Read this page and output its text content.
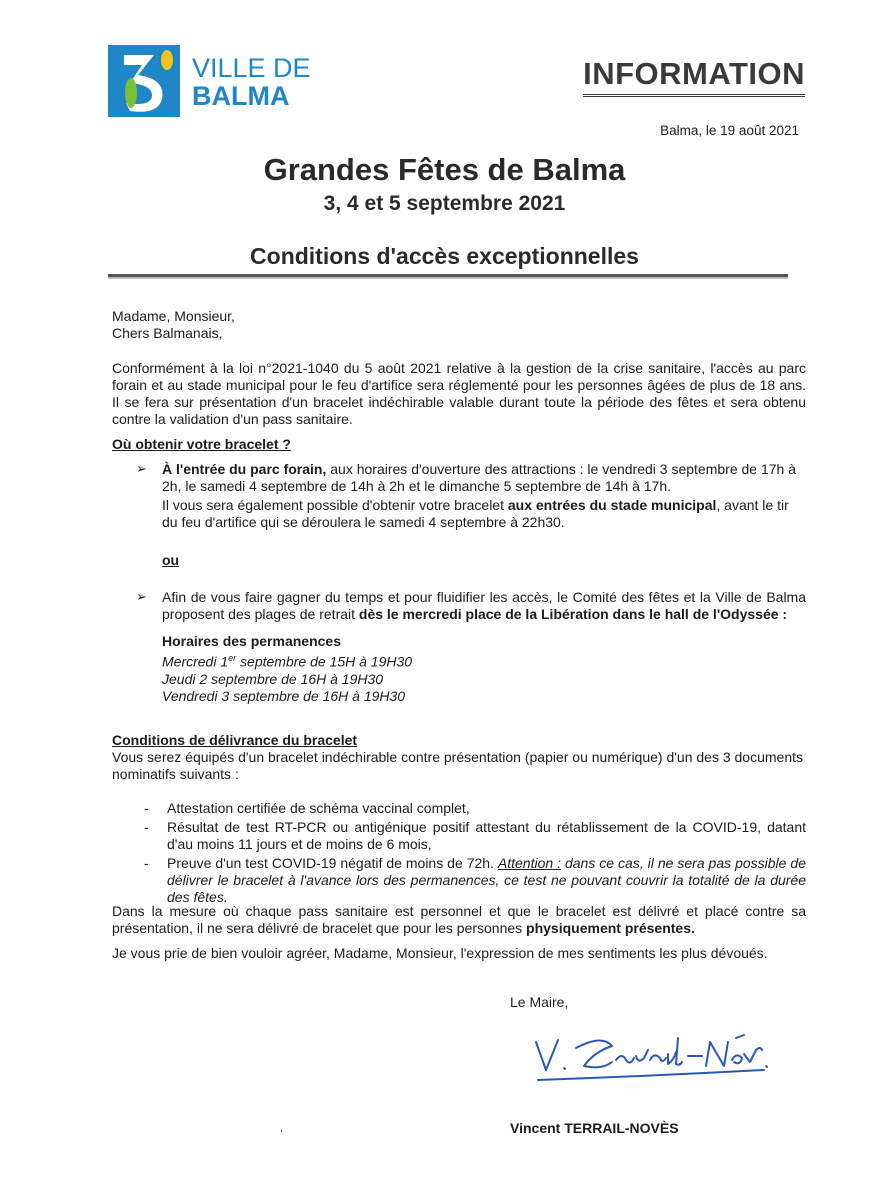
VILLE DE
BALMA
INFORMATION
Balma, le 19 août 2021
Grandes Fêtes de Balma
3, 4 et 5 septembre 2021
Conditions d'accès exceptionnelles
Madame, Monsieur,
Chers Balmanais,
Conformément à la loi n°2021-1040 du 5 août 2021 relative à la gestion de la crise sanitaire, l'accès au parc forain et au stade municipal pour le feu d'artifice sera réglementé pour les personnes âgées de plus de 18 ans. Il se fera sur présentation d'un bracelet indéchirable valable durant toute la période des fêtes et sera obtenu contre la validation d'un pass sanitaire.
Où obtenir votre bracelet ?
➢ À l'entrée du parc forain, aux horaires d'ouverture des attractions : le vendredi 3 septembre de 17h à 2h, le samedi 4 septembre de 14h à 2h et le dimanche 5 septembre de 14h à 17h.
Il vous sera également possible d'obtenir votre bracelet aux entrées du stade municipal, avant le tir du feu d'artifice qui se déroulera le samedi 4 septembre à 22h30.
ou
➢ Afin de vous faire gagner du temps et pour fluidifier les accès, le Comité des fêtes et la Ville de Balma proposent des plages de retrait dès le mercredi place de la Libération dans le hall de l'Odyssée :
Horaires des permanences
Mercredi 1er septembre de 15H à 19H30
Jeudi 2 septembre de 16H à 19H30
Vendredi 3 septembre de 16H à 19H30
Conditions de délivrance du bracelet
Vous serez équipés d'un bracelet indéchirable contre présentation (papier ou numérique) d'un des 3 documents nominatifs suivants :
- Attestation certifiée de schéma vaccinal complet,
- Résultat de test RT-PCR ou antigénique positif attestant du rétablissement de la COVID-19, datant d'au moins 11 jours et de moins de 6 mois,
- Preuve d'un test COVID-19 négatif de moins de 72h. Attention : dans ce cas, il ne sera pas possible de délivrer le bracelet à l'avance lors des permanences, ce test ne pouvant couvrir la totalité de la durée des fêtes.
Dans la mesure où chaque pass sanitaire est personnel et que le bracelet est délivré et placé contre sa présentation, il ne sera délivré de bracelet que pour les personnes physiquement présentes.
Je vous prie de bien vouloir agréer, Madame, Monsieur, l'expression de mes sentiments les plus dévoués.
Le Maire,
Vincent TERRAIL-NOVÈS
,
